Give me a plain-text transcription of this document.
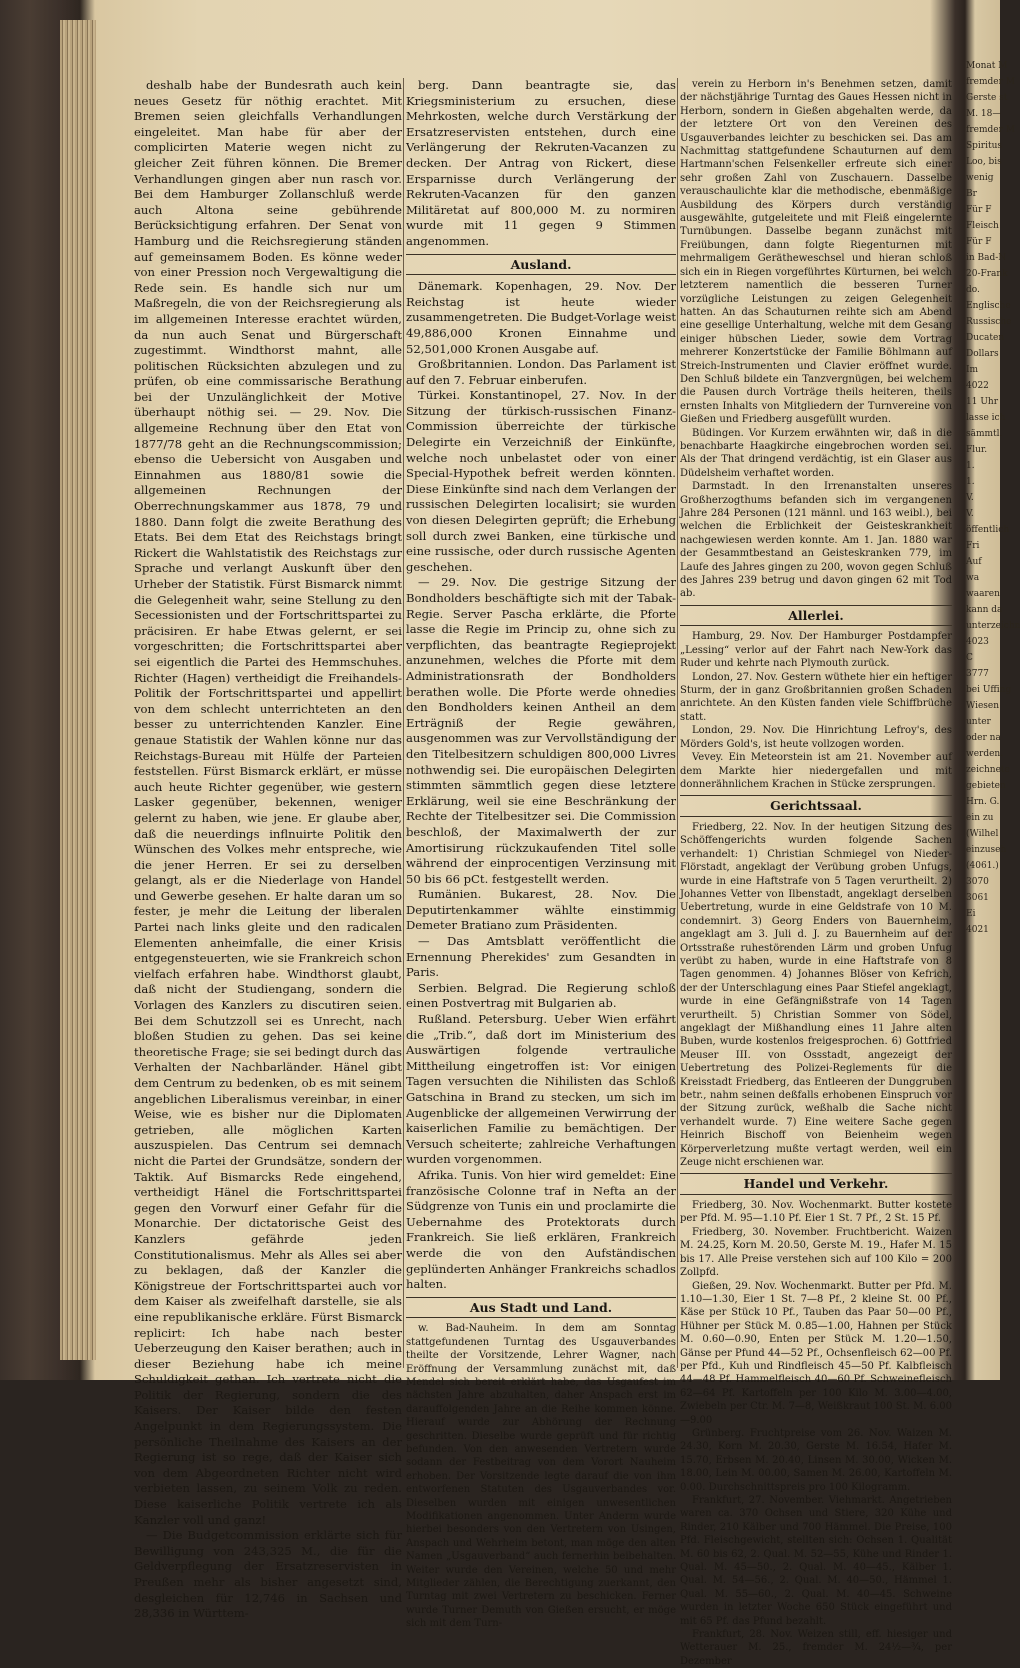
deshalb habe der Bundesrath auch kein neues Gesetz für nöthig erachtet. Mit Bremen seien gleichfalls Verhandlungen eingeleitet. Man habe für aber der complicirten Materie wegen nicht zu gleicher Zeit führen können. Die Bremer Verhandlungen gingen aber nun rasch vor. Bei dem Hamburger Zollanschluß werde auch Altona seine gebührende Berücksichtigung erfahren. Der Senat von Hamburg und die Reichsregierung ständen auf gemeinsamem Boden. Es könne weder von einer Pression noch Vergewaltigung die Rede sein. Es handle sich nur um Maßregeln, die von der Reichsregierung als im allgemeinen Interesse erachtet würden, da nun auch Senat und Bürgerschaft zugestimmt. Windthorst mahnt, alle politischen Rücksichten abzulegen und zu prüfen, ob eine commissarische Berathung bei der Unzulänglichkeit der Motive überhaupt nöthig sei. — 29. Nov. Die allgemeine Rechnung über den Etat von 1877/78 geht an die Rechnungscommission; ebenso die Uebersicht von Ausgaben und Einnahmen aus 1880/81 sowie die allgemeinen Rechnungen der Oberrechnungskammer aus 1878, 79 und 1880. Dann folgt die zweite Berathung des Etats. Bei dem Etat des Reichstags bringt Rickert die Wahlstatistik des Reichstags zur Sprache und verlangt Auskunft über den Urheber der Statistik. Fürst Bismarck nimmt die Gelegenheit wahr, seine Stellung zu den Secessionisten und der Fortschrittspartei zu präcisiren. Er habe Etwas gelernt, er sei vorgeschritten; die Fortschrittspartei aber sei eigentlich die Partei des Hemmschuhes. Richter (Hagen) vertheidigt die Freihandels-Politik der Fortschrittspartei und appellirt von dem schlecht unterrichteten an den besser zu unterrichtenden Kanzler. Eine genaue Statistik der Wahlen könne nur das Reichstags-Bureau mit Hülfe der Parteien feststellen. Fürst Bismarck erklärt, er müsse auch heute Richter gegenüber, wie gestern Lasker gegenüber, bekennen, weniger gelernt zu haben, wie jene. Er glaube aber, daß die neuerdings inflnuirte Politik den Wünschen des Volkes mehr entspreche, wie die jener Herren. Er sei zu derselben gelangt, als er die Niederlage von Handel und Gewerbe gesehen. Er halte daran um so fester, je mehr die Leitung der liberalen Partei nach links gleite und den radicalen Elementen anheimfalle, die einer Krisis entgegensteuerten, wie sie Frankreich schon vielfach erfahren habe. Windthorst glaubt, daß nicht der Studiengang, sondern die Vorlagen des Kanzlers zu discutiren seien. Bei dem Schutzzoll sei es Unrecht, nach bloßen Studien zu gehen. Das sei keine theoretische Frage; sie sei bedingt durch das Verhalten der Nachbarländer. Hänel gibt dem Centrum zu bedenken, ob es mit seinem angeblichen Liberalismus vereinbar, in einer Weise, wie es bisher nur die Diplomaten getrieben, alle möglichen Karten auszuspielen. Das Centrum sei demnach nicht die Partei der Grundsätze, sondern der Taktik. Auf Bismarcks Rede eingehend, vertheidigt Hänel die Fortschrittspartei gegen den Vorwurf einer Gefahr für die Monarchie. Der dictatorische Geist des Kanzlers gefährde jeden Constitutionalismus. Mehr als Alles sei aber zu beklagen, daß der Kanzler die Königstreue der Fortschrittspartei auch vor dem Kaiser als zweifelhaft darstelle, sie als eine republikanische erkläre. Fürst Bismarck replicirt: Ich habe nach bester Ueberzeugung den Kaiser berathen; auch in dieser Beziehung habe ich meine Schuldigkeit gethan. Ich vertrete nicht die Politik der Regierung, sondern die des Kaisers. Der Kaiser bilde den festen Angelpunkt in dem Regierungssystem. Die persönliche Theilnahme des Kaisers an der Regierung ist so rege, daß der Kaiser sich von dem Abgeordneten Richter nicht wird verbieten lassen, zu seinem Volk zu reden. Diese kaiserliche Politik vertrete ich als Kanzler voll und ganz!

— Die Budgetcommission erklärte sich für Bewilligung von 243,325 M., die für die Geldverpflegung der Ersatzreservisten in Preußen mehr als bisher angesetzt sind, desgleichen für 12,746 in Sachsen und 28,336 in Württem-

berg. Dann beantragte sie, das Kriegsministerium zu ersuchen, diese Mehrkosten, welche durch Verstärkung der Ersatzreservisten entstehen, durch eine Verlängerung der Rekruten-Vacanzen zu decken. Der Antrag von Rickert, diese Ersparnisse durch Verlängerung der Rekruten-Vacanzen für den ganzen Militäretat auf 800,000 M. zu normiren wurde mit 11 gegen 9 Stimmen angenommen.

Ausland.

Dänemark. Kopenhagen, 29. Nov. Der Reichstag ist heute wieder zusammengetreten. Die Budget-Vorlage weist 49,886,000 Kronen Einnahme und 52,501,000 Kronen Ausgabe auf.

Großbritannien. London. Das Parlament ist auf den 7. Februar einberufen.

Türkei. Konstantinopel, 27. Nov. In der Sitzung der türkisch-russischen Finanz-Commission überreichte der türkische Delegirte ein Verzeichniß der Einkünfte, welche noch unbelastet oder von einer Special-Hypothek befreit werden könnten. Diese Einkünfte sind nach dem Verlangen der russischen Delegirten localisirt; sie wurden von diesen Delegirten geprüft; die Erhebung soll durch zwei Banken, eine türkische und eine russische, oder durch russische Agenten geschehen.

— 29. Nov. Die gestrige Sitzung der Bondholders beschäftigte sich mit der Tabak-Regie. Server Pascha erklärte, die Pforte lasse die Regie im Princip zu, ohne sich zu verpflichten, das beantragte Regieprojekt anzunehmen, welches die Pforte mit dem Administrationsrath der Bondholders berathen wolle. Die Pforte werde ohnedies den Bondholders keinen Antheil an dem Erträgniß der Regie gewähren, ausgenommen was zur Vervollständigung der den Titelbesitzern schuldigen 800,000 Livres nothwendig sei. Die europäischen Delegirten stimmten sämmtlich gegen diese letztere Erklärung, weil sie eine Beschränkung der Rechte der Titelbesitzer sei. Die Commission beschloß, der Maximalwerth der zur Amortisirung rückzukaufenden Titel solle während der einprocentigen Verzinsung mit 50 bis 66 pCt. festgestellt werden.

Rumänien. Bukarest, 28. Nov. Die Deputirtenkammer wählte einstimmig Demeter Bratiano zum Präsidenten.

— Das Amtsblatt veröffentlicht die Ernennung Pherekides' zum Gesandten in Paris.

Serbien. Belgrad. Die Regierung schloß einen Postvertrag mit Bulgarien ab.

Rußland. Petersburg. Ueber Wien erfährt die „Trib.“, daß dort im Ministerium des Auswärtigen folgende vertrauliche Mittheilung eingetroffen ist: Vor einigen Tagen versuchten die Nihilisten das Schloß Gatschina in Brand zu stecken, um sich im Augenblicke der allgemeinen Verwirrung der kaiserlichen Familie zu bemächtigen. Der Versuch scheiterte; zahlreiche Verhaftungen wurden vorgenommen.

Afrika. Tunis. Von hier wird gemeldet: Eine französische Colonne traf in Nefta an der Südgrenze von Tunis ein und proclamirte die Uebernahme des Protektorats durch Frankreich. Sie ließ erklären, Frankreich werde die von den Aufständischen geplünderten Anhänger Frankreichs schadlos halten.

Aus Stadt und Land.

w. Bad-Nauheim. In dem am Sonntag stattgefundenen Turntag des Usgauverbandes theilte der Vorsitzende, Lehrer Wagner, nach Eröffnung der Versammlung zunächst mit, daß Mendel sich bereit erklärt habe, das Usgaufest im nächsten Jahre abzuhalten, daher Anspach erst im darauffolgenden Jahre an die Reihe kommen könne. Hierauf wurde zur Abhörung der Rechnung geschritten. Dieselbe wurde geprüft und für richtig befunden. Von den anwesenden Vertretern wurde sodann der Festbeitrag von dem Vorort Nauheim erhoben. Der Vorsitzende legte darauf die von ihm entworfenen Statuten des Usgauverbandes vor. Dieselben wurden mit einigen unwesentlichen Modifikationen angenommen. Unter Anderm wurde hierbei besonders von den Vertretern von Usingen, Anspach und Wehrheim betont, man möge den alten Namen „Usgauverband“ auch fernerhin beibehalten. Weiter wurde den Vereinen, welche 50 und mehr Mitglieder zählen, die Berechtigung zuerkannt, den Turntag mit zwei Vertretern zu beschicken. Ferner wurde Turner Demuth von Gießen ersucht, er möge sich mit dem Turn-

verein zu Herborn in's Benehmen setzen, damit der nächstjährige Turntag des Gaues Hessen nicht in Herborn, sondern in Gießen abgehalten werde, da der letztere Ort von den Vereinen des Usgauverbandes leichter zu beschicken sei. Das am Nachmittag stattgefundene Schauturnen auf dem Hartmann'schen Felsenkeller erfreute sich einer sehr großen Zahl von Zuschauern. Dasselbe verauschaulichte klar die methodische, ebenmäßige Ausbildung des Körpers durch verständig ausgewählte, gutgeleitete und mit Fleiß eingelernte Turnübungen. Dasselbe begann zunächst mit Freiübungen, dann folgte Riegenturnen mit mehrmaligem Gerätheweschsel und hieran schloß sich ein in Riegen vorgeführtes Kürturnen, bei welch letzterem namentlich die besseren Turner vorzügliche Leistungen zu zeigen Gelegenheit hatten. An das Schauturnen reihte sich am Abend eine gesellige Unterhaltung, welche mit dem Gesang einiger hübschen Lieder, sowie dem Vortrag mehrerer Konzertstücke der Familie Böhlmann auf Streich-Instrumenten und Clavier eröffnet wurde. Den Schluß bildete ein Tanzvergnügen, bei welchem die Pausen durch Vorträge theils heiteren, theils ernsten Inhalts von Mitgliedern der Turnvereine von Gießen und Friedberg ausgefüllt wurden.

Büdingen. Vor Kurzem erwähnten wir, daß in die benachbarte Haagkirche eingebrochen worden sei. Als der That dringend verdächtig, ist ein Glaser aus Düdelsheim verhaftet worden.

Darmstadt. In den Irrenanstalten unseres Großherzogthums befanden sich im vergangenen Jahre 284 Personen (121 männl. und 163 weibl.), bei welchen die Erblichkeit der Geisteskrankheit nachgewiesen werden konnte. Am 1. Jan. 1880 war der Gesammtbestand an Geisteskranken 779, im Laufe des Jahres gingen zu 200, wovon gegen Schluß des Jahres 239 betrug und davon gingen 62 mit Tod ab.

Allerlei.

Hamburg, 29. Nov. Der Hamburger Postdampfer „Lessing“ verlor auf der Fahrt nach New-York das Ruder und kehrte nach Plymouth zurück.

London, 27. Nov. Gestern wüthete hier ein heftiger Sturm, der in ganz Großbritannien großen Schaden anrichtete. An den Küsten fanden viele Schiffbrüche statt.

London, 29. Nov. Die Hinrichtung Lefroy's, des Mörders Gold's, ist heute vollzogen worden.

Vevey. Ein Meteorstein ist am 21. November auf dem Markte hier niedergefallen und mit donnerähnlichem Krachen in Stücke zersprungen.

Gerichtssaal.

Friedberg, 22. Nov. In der heutigen Sitzung des Schöffengerichts wurden folgende Sachen verhandelt: 1) Christian Schmiegel von Nieder-Flörstadt, angeklagt der Verübung groben Unfugs, wurde in eine Haftstrafe von 5 Tagen verurtheilt. 2) Johannes Vetter von Ilbenstadt, angeklagt derselben Uebertretung, wurde in eine Geldstrafe von 10 M. condemnirt. 3) Georg Enders von Bauernheim, angeklagt am 3. Juli d. J. zu Bauernheim auf der Ortsstraße ruhestörenden Lärm und groben Unfug verübt zu haben, wurde in eine Haftstrafe von 8 Tagen genommen. 4) Johannes Blöser von Kefrich, der der Unterschlagung eines Paar Stiefel angeklagt, wurde in eine Gefängnißstrafe von 14 Tagen verurtheilt. 5) Christian Sommer von Södel, angeklagt der Mißhandlung eines 11 Jahre alten Buben, wurde kostenlos freigesprochen. 6) Gottfried Meuser III. von Ossstadt, angezeigt der Uebertretung des Polizei-Reglements für die Kreisstadt Friedberg, das Entleeren der Dunggruben betr., nahm seinen deßfalls erhobenen Einspruch vor der Sitzung zurück, weßhalb die Sache nicht verhandelt wurde. 7) Eine weitere Sache gegen Heinrich Bischoff von Beienheim wegen Körperverletzung mußte vertagt werden, weil ein Zeuge nicht erschienen war.

Handel und Verkehr.

Friedberg, 30. Nov. Wochenmarkt. Butter kostete per Pfd. M. 95—1.10 Pf. Eier 1 St. 7 Pf., 2 St. 15 Pf.

Friedberg, 30. November. Fruchtbericht. Waizen M. 24.25, Korn M. 20.50, Gerste M. 19., Hafer M. 15 bis 17. Alle Preise verstehen sich auf 100 Kilo = 200 Zollpfd.

Gießen, 29. Nov. Wochenmarkt. Butter per Pfd. M. 1.10—1.30, Eier 1 St. 7—8 Pf., 2 kleine St. 00 Pf., Käse per Stück 10 Pf., Tauben das Paar 50—00 Pf., Hühner per Stück M. 0.85—1.00, Hahnen per Stück M. 0.60—0.90, Enten per Stück M. 1.20—1.50, Gänse per Pfund 44—52 Pf., Ochsenfleisch 62—00 Pf. per Pfd., Kuh und Rindfleisch 45—50 Pf. Kalbfleisch 44—48 Pf. Hammelfleisch 40—60 Pf. Schweinefleisch 62—64 Pf. Kartoffeln per 100 Kilo M. 3.00—4.00, Zwiebeln per Ctr. M. 7—8, Weißkraut 100 St. M. 6.00—9.00

Grünberg. Fruchtpreise vom 26. Nov. Waizen M. 24.30, Korn M. 20.30, Gerste M. 16.54, Hafer M. 15.70, Erbsen M. 20.40, Linsen M. 30.00, Wicken M. 18.00, Lein M. 00.00, Samen M. 26.00, Kartoffeln M. 0.00. Durchschnittspreis pro 100 Kilogramm.

Frankfurt, 27. November. Viehmarkt. Angetrieben waren ca. 370 Ochsen und Stiere, 320 Kühe und Rinder, 210 Kälber und 700 Hämmel. Die Preise, 100 Pfd. Fleischgewicht, stellten sich: Ochsen 1. Qualität M. 60 bis 62, 2. Qual. M. 52—55, Kühe und Rinder 1. Qual. M. 45—50., 2. Qual. M. 40—45., Kälber 1. Qual. M. 54—56., 2. Qual. M. 40—50., Hämmel 1. Qual. M. 55—60., 2. Qual. M. 40—45. Schweine wurden in letzter Woche 650 Stück eingeführt und mit 65 Pf. das Pfund bezahlt.

Frankfurt, 28. Nov. Weizen still, eff. hiesiger und Wetterauer M. 25., fremder M. 24½—¾, per Dezember

Monat M
fremder M
Gerste st
M. 18—
fremder M
Spiritus
Loo, bis
wenig
Br
Für F
Fleisch
Für F
in Bad-N
20-Frank
do.
Englische
Russische
Ducaten
Dollars
Im
4022
11 Uhr
lasse ich
sämmtl.
Flur.
1.
1.
V.
V.
öffentlich
Fri
Auf
wa
waaren
kann da
unterzeichn
4023
C
3777
bei Uffing
Wiesen
unter
oder na
werden.
zeichnete
gebieten
Hrn. G.
ein zu
(Wilhel
einzuseh
(4061.)
3070
3061
Ei
4021
